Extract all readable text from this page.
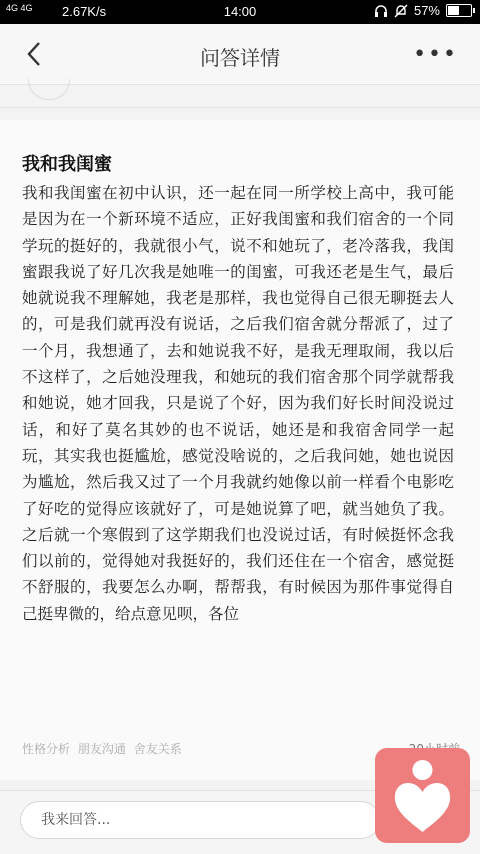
4G 4G 2.67K/s	14:00	57%
问答详情	•••
我和我闺蜜
我和我闺蜜在初中认识，还一起在同一所学校上高中，我可能是因为在一个新环境不适应，正好我闺蜜和我们宿舍的一个同学玩的挺好的，我就很小气，说不和她玩了，老冷落我，我闺蜜跟我说了好几次我是她唯一的闺蜜，可我还老是生气，最后她就说我不理解她，我老是那样，我也觉得自己很无聊挺去人的，可是我们就再没有说话，之后我们宿舍就分帮派了，过了一个月，我想通了，去和她说我不好，是我无理取闹，我以后不这样了，之后她没理我，和她玩的我们宿舍那个同学就帮我和她说，她才回我，只是说了个好，因为我们好长时间没说过话，和好了莫名其妙的也不说话，她还是和我宿舍同学一起玩，其实我也挺尴尬，感觉没啥说的，之后我问她，她也说因为尴尬，然后我又过了一个月我就约她像以前一样看个电影吃了好吃的觉得应该就好了，可是她说算了吧，就当她负了我。之后就一个寒假到了这学期我们也没说过话，有时候挺怀念我们以前的，觉得她对我挺好的，我们还住在一个宿舍，感觉挺不舒服的，我要怎么办啊，帮帮我，有时候因为那件事觉得自己挺卑微的，给点意见呗，各位
性格分析 朋友沟通 舍友关系
我来回答...
